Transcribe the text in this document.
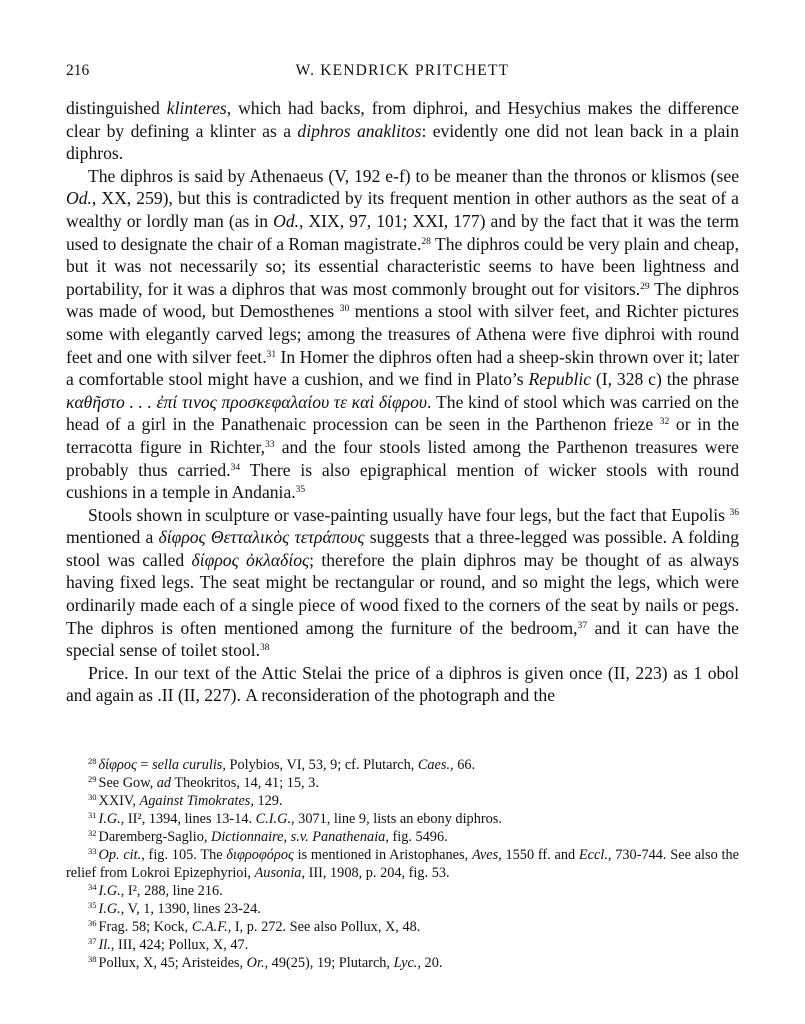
216	W. KENDRICK PRITCHETT

distinguished klinteres, which had backs, from diphroi, and Hesychius makes the difference clear by defining a klinter as a diphros anaklitos: evidently one did not lean back in a plain diphros.

The diphros is said by Athenaeus (V, 192 e-f) to be meaner than the thronos or klismos (see Od., XX, 259), but this is contradicted by its frequent mention in other authors as the seat of a wealthy or lordly man (as in Od., XIX, 97, 101; XXI, 177) and by the fact that it was the term used to designate the chair of a Roman magistrate.$^{28}$ The diphros could be very plain and cheap, but it was not necessarily so; its essential characteristic seems to have been lightness and portability, for it was a diphros that was most commonly brought out for visitors.$^{29}$ The diphros was made of wood, but Demosthenes $^{30}$ mentions a stool with silver feet, and Richter pictures some with elegantly carved legs; among the treasures of Athena were five diphroi with round feet and one with silver feet.$^{31}$ In Homer the diphros often had a sheep-skin thrown over it; later a comfortable stool might have a cushion, and we find in Plato’s Republic (I, 328 c) the phrase καθῆστο . . . ἐπί τινος προσκεφαλαίου τε καὶ δίφρου. The kind of stool which was carried on the head of a girl in the Panathenaic procession can be seen in the Parthenon frieze $^{32}$ or in the terracotta figure in Richter,$^{33}$ and the four stools listed among the Parthenon treasures were probably thus carried.$^{34}$ There is also epigraphical mention of wicker stools with round cushions in a temple in Andania.$^{35}$

Stools shown in sculpture or vase-painting usually have four legs, but the fact that Eupolis $^{36}$ mentioned a δίφρος Θετταλικὸς τετράπους suggests that a three-legged was possible. A folding stool was called δίφρος ὀκλαδίος; therefore the plain diphros may be thought of as always having fixed legs. The seat might be rectangular or round, and so might the legs, which were ordinarily made each of a single piece of wood fixed to the corners of the seat by nails or pegs. The diphros is often mentioned among the furniture of the bedroom,$^{37}$ and it can have the special sense of toilet stool.$^{38}$

Price. In our text of the Attic Stelai the price of a diphros is given once (II, 223) as 1 obol and again as .ΙΙ (II, 227). A reconsideration of the photograph and the

$^{28}$ δίφρος = sella curulis, Polybios, VI, 53, 9; cf. Plutarch, Caes., 66.

$^{29}$ See Gow, ad Theokritos, 14, 41; 15, 3.

$^{30}$ XXIV, Against Timokrates, 129.

$^{31}$ I.G., II², 1394, lines 13-14. C.I.G., 3071, line 9, lists an ebony diphros.

$^{32}$ Daremberg-Saglio, Dictionnaire, s.v. Panathenaia, fig. 5496.

$^{33}$ Op. cit., fig. 105. The διφροφόρος is mentioned in Aristophanes, Aves, 1550 ff. and Eccl., 730-744. See also the relief from Lokroi Epizephyrioi, Ausonia, III, 1908, p. 204, fig. 53.

$^{34}$ I.G., I², 288, line 216.

$^{35}$ I.G., V, 1, 1390, lines 23-24.

$^{36}$ Frag. 58; Kock, C.A.F., I, p. 272. See also Pollux, X, 48.

$^{37}$ Il., III, 424; Pollux, X, 47.

$^{38}$ Pollux, X, 45; Aristeides, Or., 49(25), 19; Plutarch, Lyc., 20.
